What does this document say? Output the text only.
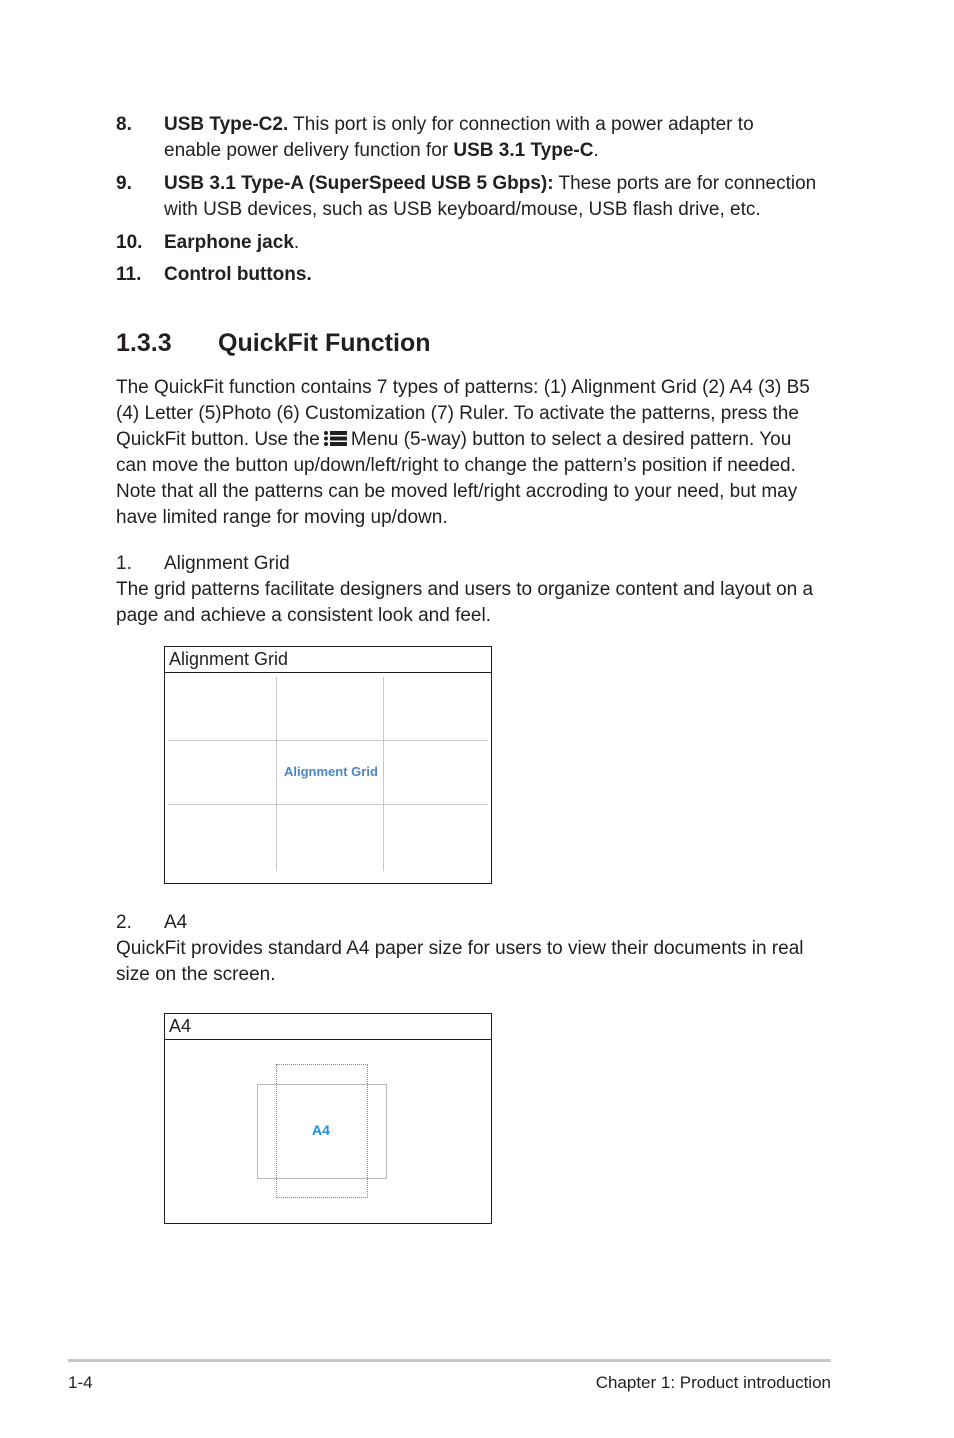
8. USB Type-C2. This port is only for connection with a power adapter to
enable power delivery function for USB 3.1 Type-C.
9. USB 3.1 Type-A (SuperSpeed USB 5 Gbps): These ports are for connection
with USB devices, such as USB keyboard/mouse, USB flash drive, etc.
10. Earphone jack.
11. Control buttons.
1.3.3 QuickFit Function
The QuickFit function contains 7 types of patterns: (1) Alignment Grid (2) A4 (3) B5
(4) Letter (5)Photo (6) Customization (7) Ruler. To activate the patterns, press the
QuickFit button. Use the Menu (5-way) button to select a desired pattern. You
can move the button up/down/left/right to change the pattern’s position if needed.
Note that all the patterns can be moved left/right accroding to your need, but may
have limited range for moving up/down.
1. Alignment Grid
The grid patterns facilitate designers and users to organize content and layout on a
page and achieve a consistent look and feel.
Alignment Grid
Alignment Grid
2. A4
QuickFit provides standard A4 paper size for users to view their documents in real
size on the screen.
A4
A4
1-4	Chapter 1: Product introduction
